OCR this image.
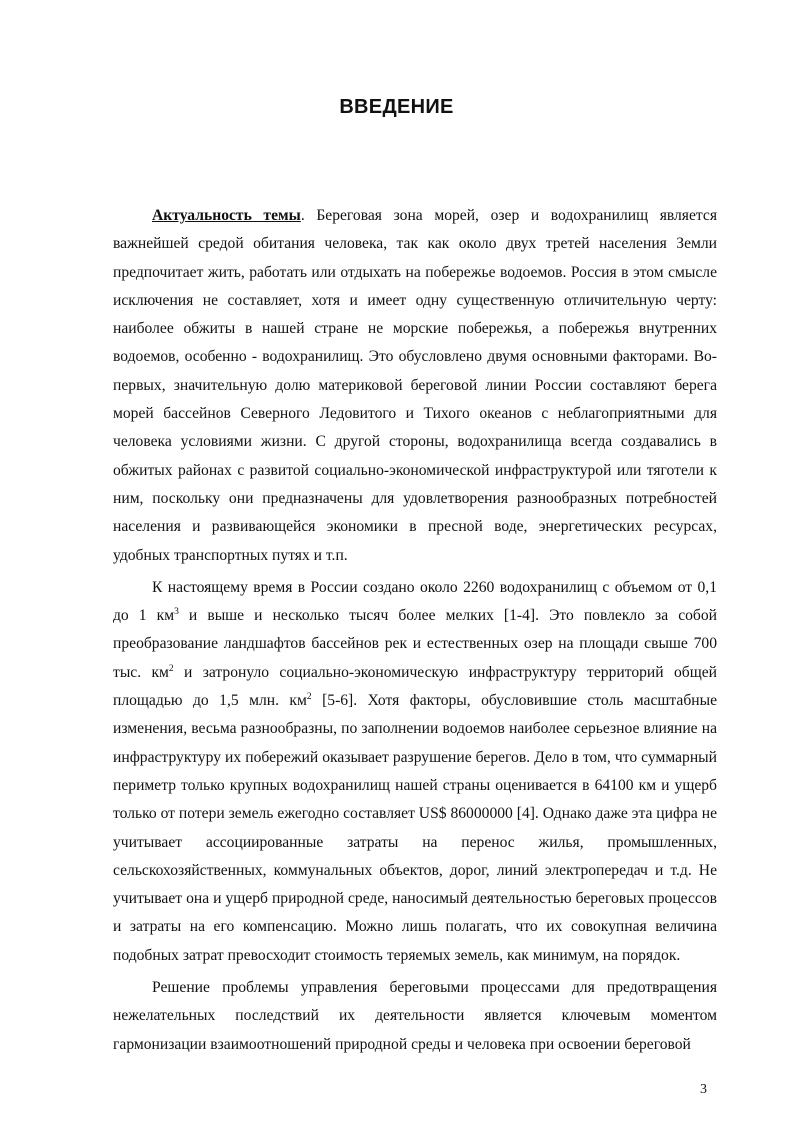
ВВЕДЕНИЕ

Актуальность темы. Береговая зона морей, озер и водохранилищ является важнейшей средой обитания человека, так как около двух третей населения Земли предпочитает жить, работать или отдыхать на побережье водоемов. Россия в этом смысле исключения не составляет, хотя и имеет одну существенную отличительную черту: наиболее обжиты в нашей стране не морские побережья, а побережья внутренних водоемов, особенно - водохранилищ. Это обусловлено двумя основными факторами. Во-первых, значительную долю материковой береговой линии России составляют берега морей бассейнов Северного Ледовитого и Тихого океанов с неблагоприятными для человека условиями жизни. С другой стороны, водохранилища всегда создавались в обжитых районах с развитой социально-экономической инфраструктурой или тяготели к ним, поскольку они предназначены для удовлетворения разнообразных потребностей населения и развивающейся экономики в пресной воде, энергетических ресурсах, удобных транспортных путях и т.п.

К настоящему время в России создано около 2260 водохранилищ с объемом от 0,1 до 1 $км^3$ и выше и несколько тысяч более мелких [1-4]. Это повлекло за собой преобразование ландшафтов бассейнов рек и естественных озер на площади свыше 700 тыс. $км^2$ и затронуло социально-экономическую инфраструктуру территорий общей площадью до 1,5 млн. $км^2$ [5-6]. Хотя факторы, обусловившие столь масштабные изменения, весьма разнообразны, по заполнении водоемов наиболее серьезное влияние на инфраструктуру их побережий оказывает разрушение берегов. Дело в том, что суммарный периметр только крупных водохранилищ нашей страны оценивается в 64100 км и ущерб только от потери земель ежегодно составляет US$ 86000000 [4]. Однако даже эта цифра не учитывает ассоциированные затраты на перенос жилья, промышленных, сельскохозяйственных, коммунальных объектов, дорог, линий электропередач и т.д. Не учитывает она и ущерб природной среде, наносимый деятельностью береговых процессов и затраты на его компенсацию. Можно лишь полагать, что их совокупная величина подобных затрат превосходит стоимость теряемых земель, как минимум, на порядок.

Решение проблемы управления береговыми процессами для предотвращения нежелательных последствий их деятельности является ключевым моментом гармонизации взаимоотношений природной среды и человека при освоении береговой

3
